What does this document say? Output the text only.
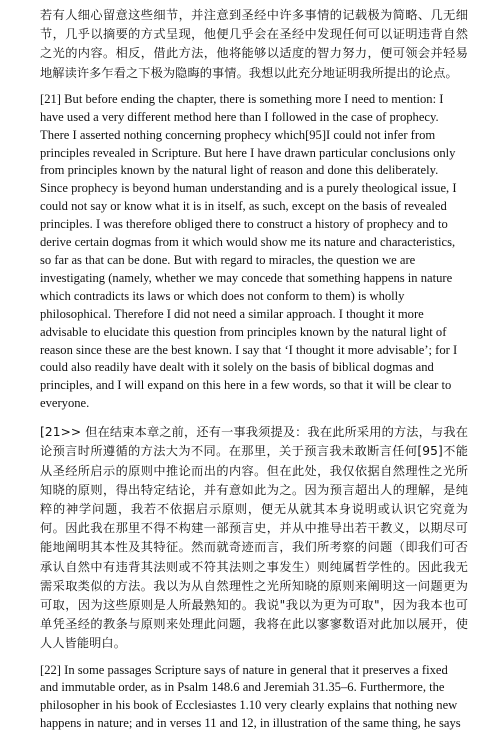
若有人细心留意这些细节，并注意到圣经中许多事情的记载极为简略、几无细节，几乎以摘要的方式呈现，他便几乎会在圣经中发现任何可以证明违背自然之光的内容。相反，借此方法，他将能够以适度的智力努力，便可领会并轻易地解读许多乍看之下极为隐晦的事情。我想以此充分地证明我所提出的论点。

[21] But before ending the chapter, there is something more I need to mention: I have used a very different method here than I followed in the case of prophecy. There I asserted nothing concerning prophecy which[95]I could not infer from principles revealed in Scripture. But here I have drawn particular conclusions only from principles known by the natural light of reason and done this deliberately. Since prophecy is beyond human understanding and is a purely theological issue, I could not say or know what it is in itself, as such, except on the basis of revealed principles. I was therefore obliged there to construct a history of prophecy and to derive certain dogmas from it which would show me its nature and characteristics, so far as that can be done. But with regard to miracles, the question we are investigating (namely, whether we may concede that something happens in nature which contradicts its laws or which does not conform to them) is wholly philosophical. Therefore I did not need a similar approach. I thought it more advisable to elucidate this question from principles known by the natural light of reason since these are the best known. I say that ‘I thought it more advisable’; for I could also readily have dealt with it solely on the basis of biblical dogmas and principles, and I will expand on this here in a few words, so that it will be clear to everyone.

[21>> 但在结束本章之前，还有一事我须提及：我在此所采用的方法，与我在论预言时所遵循的方法大为不同。在那里，关于预言我未敢断言任何[95]不能从圣经所启示的原则中推论而出的内容。但在此处，我仅依据自然理性之光所知晓的原则，得出特定结论，并有意如此为之。因为预言超出人的理解，是纯粹的神学问题，我若不依据启示原则，便无从就其本身说明或认识它究竟为何。因此我在那里不得不构建一部预言史，并从中推导出若干教义，以期尽可能地阐明其本性及其特征。然而就奇迹而言，我们所考察的问题（即我们可否承认自然中有违背其法则或不符其法则之事发生）则纯属哲学性的。因此我无需采取类似的方法。我以为从自然理性之光所知晓的原则来阐明这一问题更为可取，因为这些原则是人所最熟知的。我说"我以为更为可取"，因为我本也可单凭圣经的教条与原则来处理此问题，我将在此以寥寥数语对此加以展开，使人人皆能明白。

[22] In some passages Scripture says of nature in general that it preserves a fixed and immutable order, as in Psalm 148.6 and Jeremiah 31.35–6. Furthermore, the philosopher in his book of Ecclesiastes 1.10 very clearly explains that nothing new happens in nature; and in verses 11 and 12, in illustration of the same thing, he says
